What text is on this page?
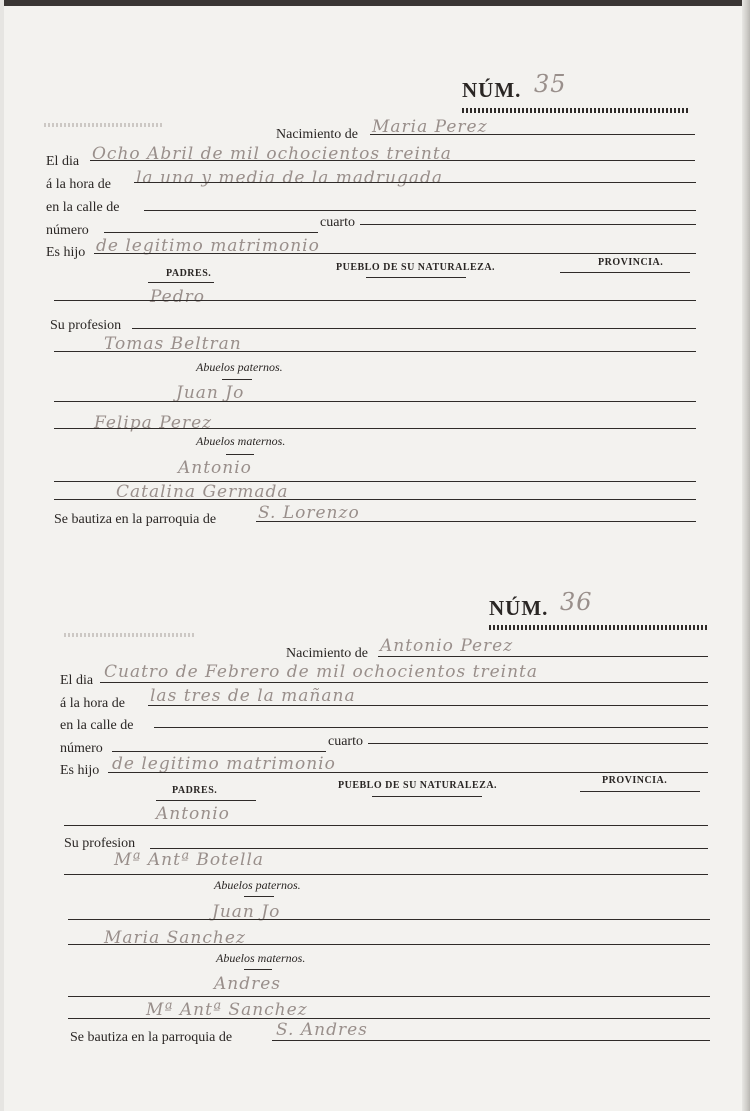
NÚM. 35
Nacimiento de Maria Perez
El dia Ocho Abril de mil ochocientos treinta
á la hora de la una y media de la madrugada
en la calle de
número
cuarto
Es hijo de legitimo matrimonio
PADRES.
PUEBLO DE SU NATURALEZA.	PROVINCIA.
Pedro
Su profesion
Tomas Beltran
Abuelos paternos.
Juan Jo
Felipa Perez
Abuelos maternos.
Antonio
Catalina Germada
Se bautiza en la parroquia de S. Lorenzo
NÚM. 36
Nacimiento de Antonio Perez
El dia Cuatro de Febrero de mil ochocientos treinta
á la hora de las tres de la mañana
en la calle de
número	cuarto
Es hijo de legitimo matrimonio
PADRES.	PUEBLO DE SU NATURALEZA.	PROVINCIA.
Antonio
Su profesion
Mª Antª Botella
Abuelos paternos.
Juan Jo
Maria Sanchez
Abuelos maternos.
Andres
Mª Antª Sanchez
Se bautiza en la parroquia de	S. Andres
